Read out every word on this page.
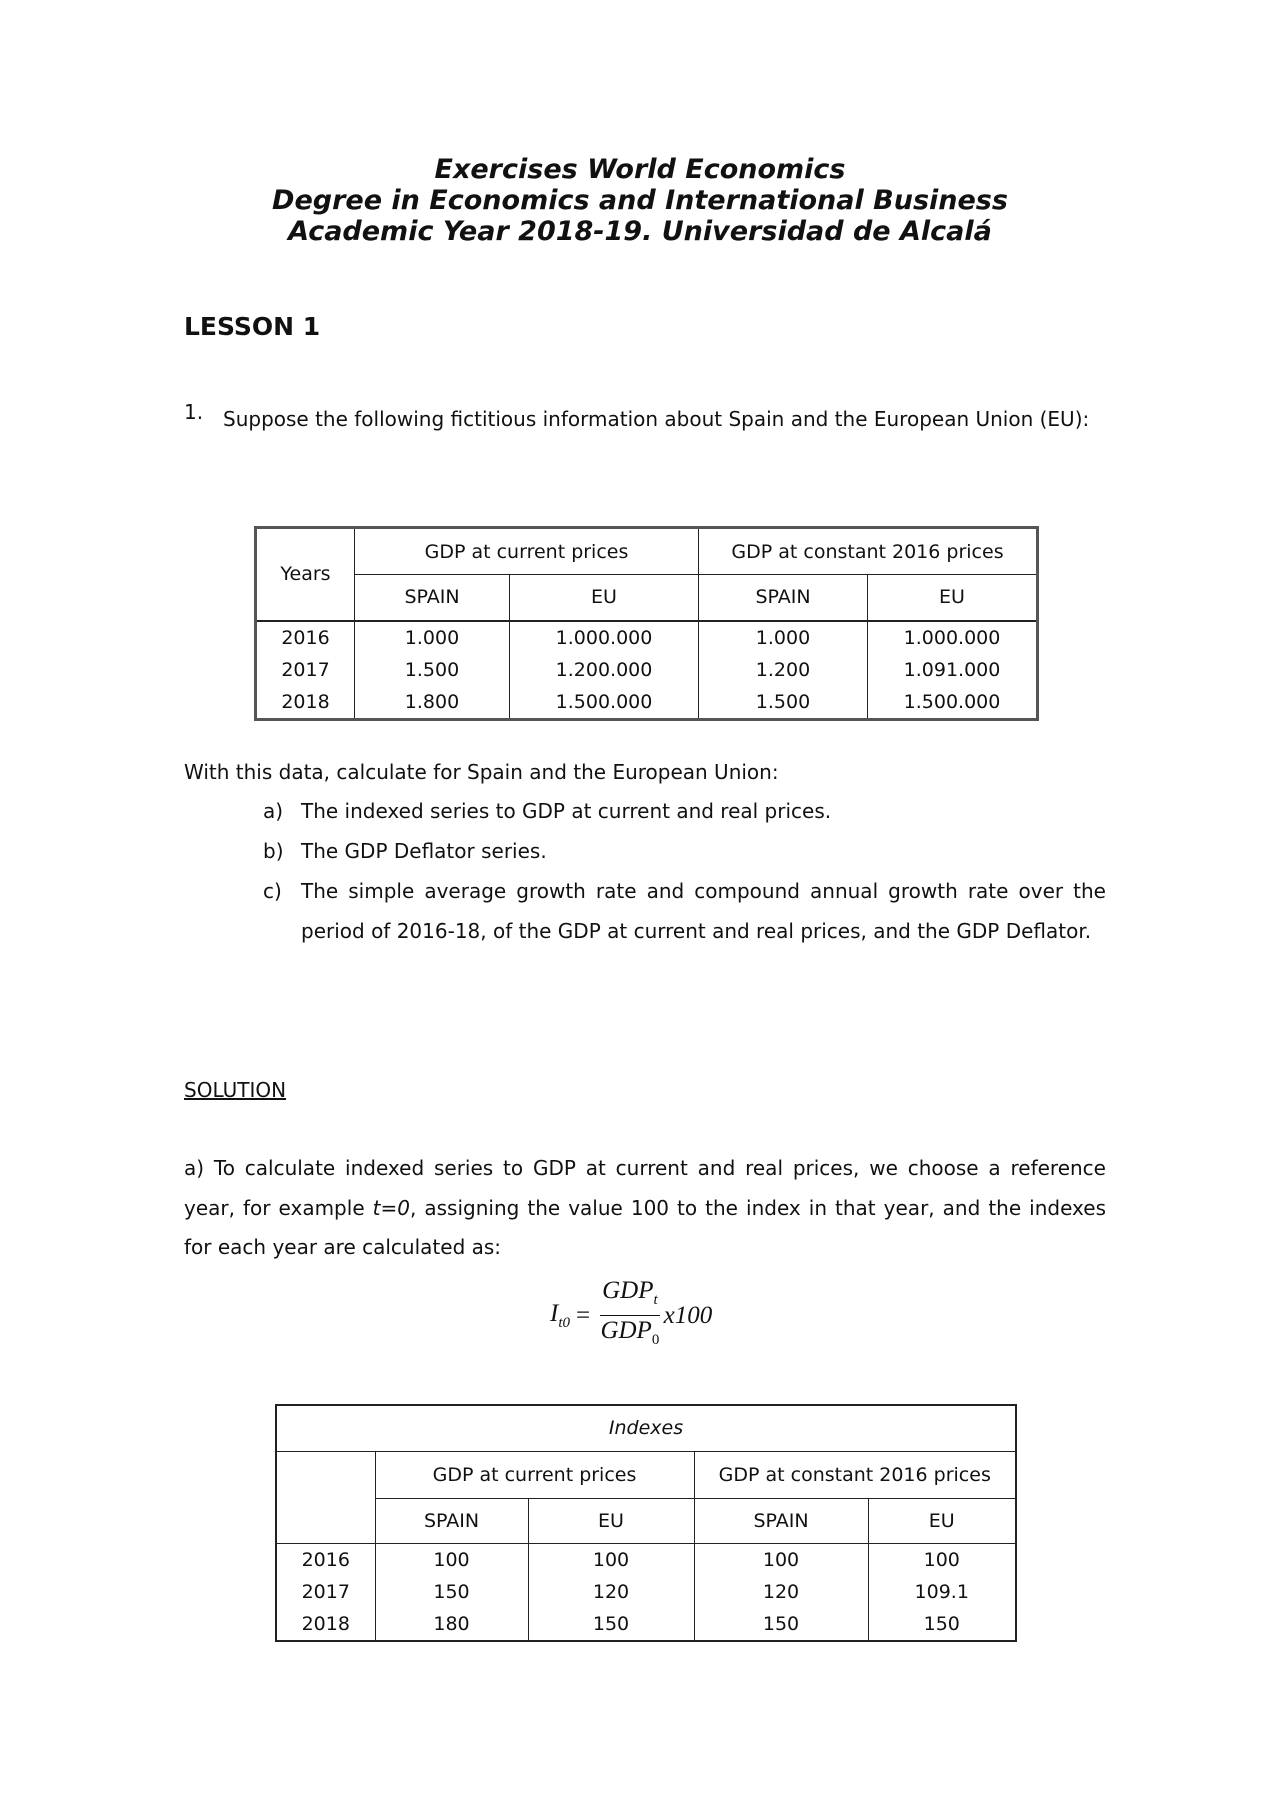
Exercises World Economics
Degree in Economics and International Business
Academic Year 2018-19. Universidad de Alcalá
LESSON 1
1. Suppose the following fictitious information about Spain and the European Union (EU):
Years	GDP at current prices		GDP at constant 2016 prices	
	SPAIN	EU	SPAIN	EU
2016	1.000	1.000.000	1.000	1.000.000
2017	1.500	1.200.000	1.200	1.091.000
2018	1.800	1.500.000	1.500	1.500.000
With this data, calculate for Spain and the European Union:
a) The indexed series to GDP at current and real prices.
b) The GDP Deflator series.
c) The simple average growth rate and compound annual growth rate over the period of 2016-18, of the GDP at current and real prices, and the GDP Deflator.
SOLUTION
a) To calculate indexed series to GDP at current and real prices, we choose a reference year, for example t=0, assigning the value 100 to the index in that year, and the indexes for each year are calculated as:
$I_{t0} = \frac{GDP_t}{GDP_0} x100$
Indexes				
	GDP at current prices		GDP at constant 2016 prices	
	SPAIN	EU	SPAIN	EU
2016	100	100	100	100
2017	150	120	120	109.1
2018	180	150	150	150
